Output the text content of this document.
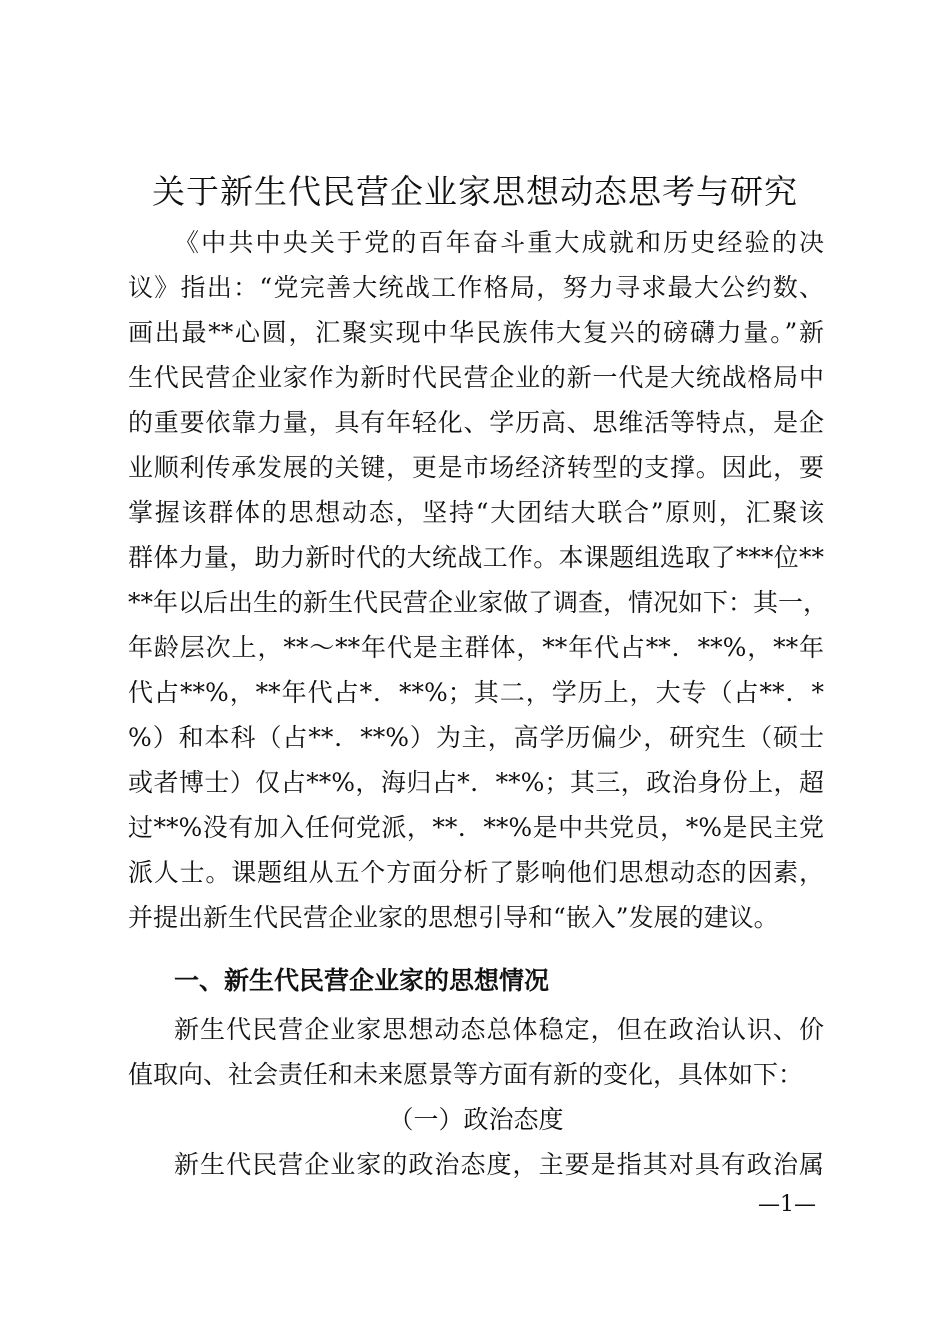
关于新生代民营企业家思想动态思考与研究
《中共中央关于党的百年奋斗重大成就和历史经验的决
议》指出：“党完善大统战工作格局，努力寻求最大公约数、
画出最**心圆，汇聚实现中华民族伟大复兴的磅礴力量。”新
生代民营企业家作为新时代民营企业的新一代是大统战格局中
的重要依靠力量，具有年轻化、学历高、思维活等特点，是企
业顺利传承发展的关键，更是市场经济转型的支撑。因此，要
掌握该群体的思想动态，坚持“大团结大联合”原则，汇聚该
群体力量，助力新时代的大统战工作。本课题组选取了***位**
**年以后出生的新生代民营企业家做了调查，情况如下：其一，
年龄层次上，**～**年代是主群体，**年代占**．**%，**年
代占**%，**年代占*．**%；其二，学历上，大专（占**．*
%）和本科（占**．**%）为主，高学历偏少，研究生（硕士
或者博士）仅占**%，海归占*．**%；其三，政治身份上，超
过**%没有加入任何党派，**．**%是中共党员，*%是民主党
派人士。课题组从五个方面分析了影响他们思想动态的因素，
并提出新生代民营企业家的思想引导和“嵌入”发展的建议。
一、新生代民营企业家的思想情况
新生代民营企业家思想动态总体稳定，但在政治认识、价
值取向、社会责任和未来愿景等方面有新的变化，具体如下：
（一）政治态度
新生代民营企业家的政治态度，主要是指其对具有政治属
—1—
